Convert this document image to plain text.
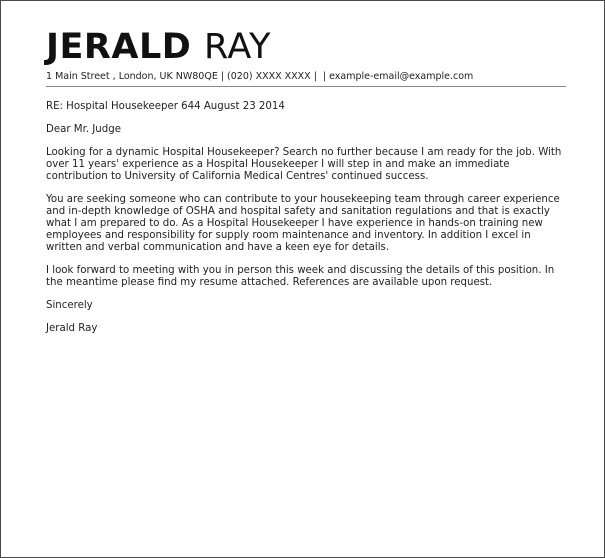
JERALD RAY
1 Main Street , London, UK NW80QE | (020) XXXX XXXX | | example-email@example.com
RE: Hospital Housekeeper 644 August 23 2014
Dear Mr. Judge

Looking for a dynamic Hospital Housekeeper? Search no further because I am ready for the job. With over 11 years' experience as a Hospital Housekeeper I will step in and make an immediate contribution to University of California Medical Centres' continued success.

You are seeking someone who can contribute to your housekeeping team through career experience and in-depth knowledge of OSHA and hospital safety and sanitation regulations and that is exactly what I am prepared to do. As a Hospital Housekeeper I have experience in hands-on training new employees and responsibility for supply room maintenance and inventory. In addition I excel in written and verbal communication and have a keen eye for details.

I look forward to meeting with you in person this week and discussing the details of this position. In the meantime please find my resume attached. References are available upon request.

Sincerely
Jerald Ray
